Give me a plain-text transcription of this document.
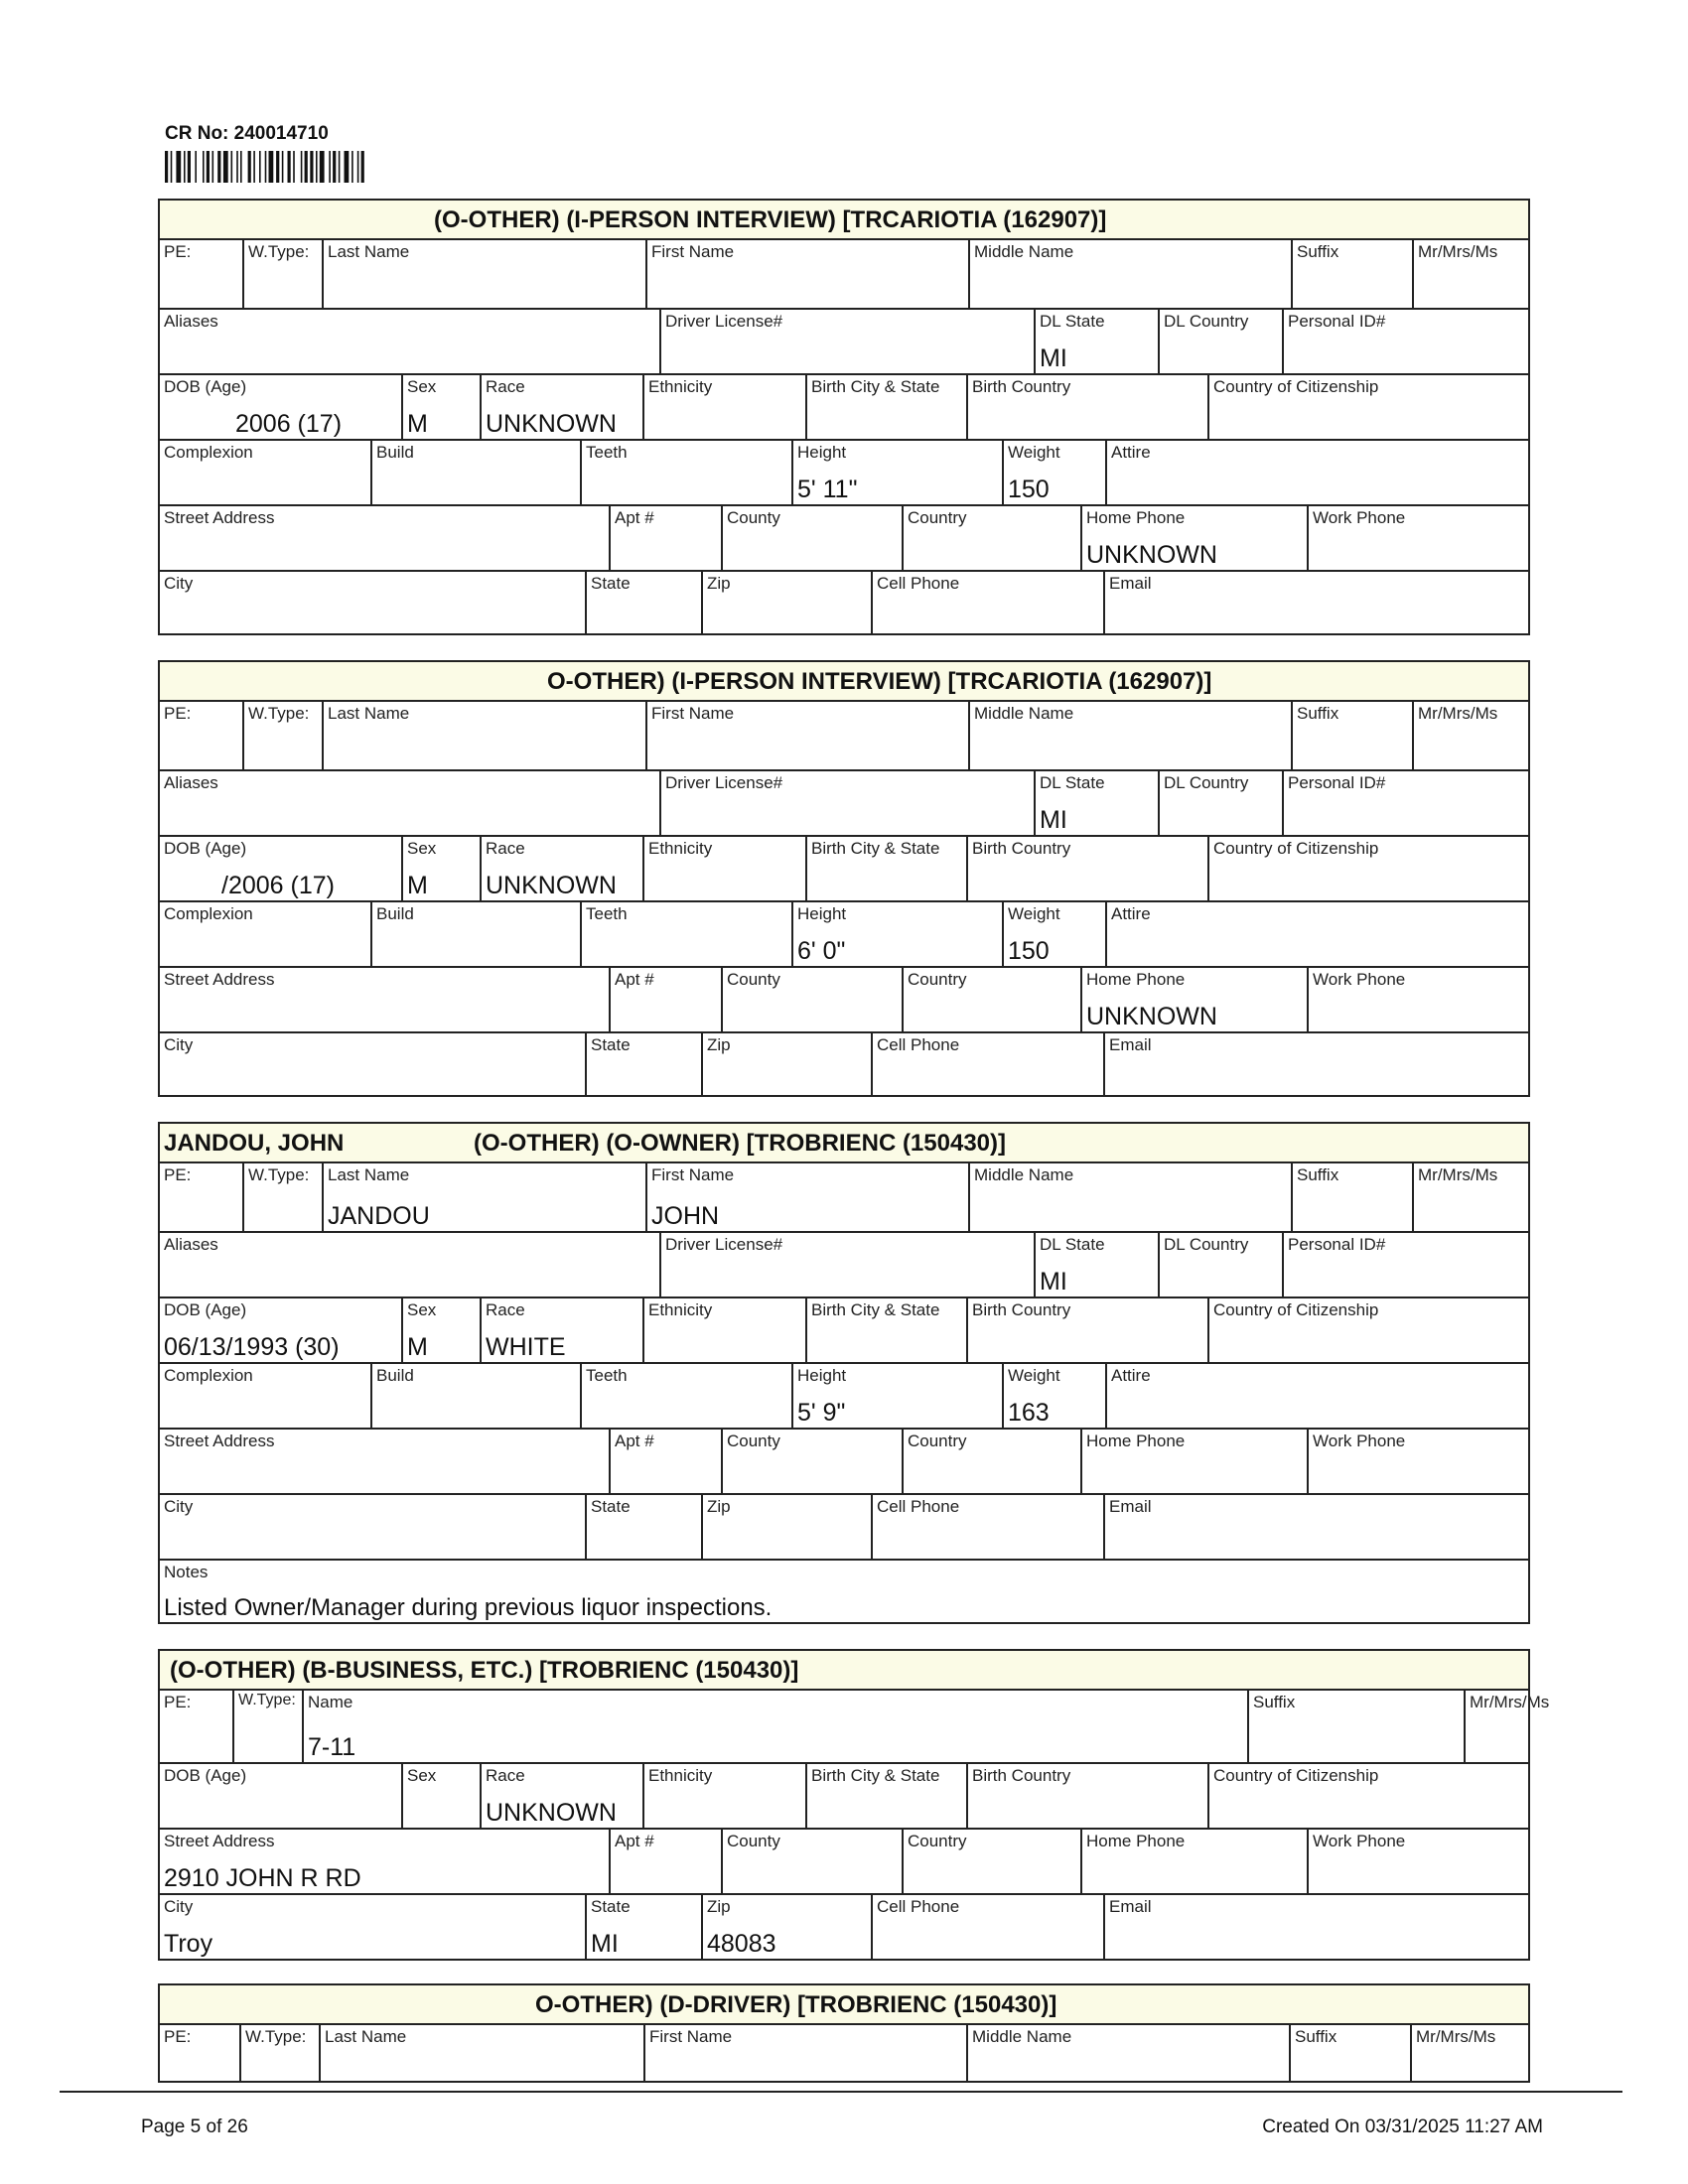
CR No: 240014710
(O-OTHER) (I-PERSON INTERVIEW) [TRCARIOTIA (162907)]
PE:	W.Type: Last Name	First Name	Middle Name	Suffix	Mr/Mrs/Ms
Aliases	Driver License#	DL State
MI
DL Country Personal ID#
DOB (Age)
2006 (17)
Sex
M
Race
UNKNOWN
Ethnicity	Birth City & State Birth Country	Country of Citizenship
Complexion	Build	Teeth	Height
5' 11"
Weight
150
Attire
Street Address	Apt #	County	Country	Home Phone
UNKNOWN
Work Phone
City	State	Zip	Cell Phone	Email
O-OTHER) (I-PERSON INTERVIEW) [TRCARIOTIA (162907)]
PE:	W.Type: Last Name	First Name	Middle Name	Suffix	Mr/Mrs/Ms
Aliases	Driver License#	DL State
MI
DL Country Personal ID#
DOB (Age)
/2006 (17)
Sex
M
Race
UNKNOWN
Ethnicity	Birth City & State Birth Country	Country of Citizenship
Complexion	Build	Teeth	Height
6' 0"
Weight
150
Attire
Street Address	Apt #	County	Country	Home Phone
UNKNOWN
Work Phone
City	State	Zip	Cell Phone	Email
JANDOU, JOHN	(O-OTHER) (O-OWNER) [TROBRIENC (150430)]
PE:	W.Type: Last Name
JANDOU
First Name
JOHN
Middle Name	Suffix	Mr/Mrs/Ms
Aliases	Driver License#	DL State
MI
DL Country Personal ID#
DOB (Age)
06/13/1993 (30)
Sex
M
Race
WHITE
Ethnicity	Birth City & State Birth Country	Country of Citizenship
Complexion	Build	Teeth	Height
5' 9"
Weight
163
Attire
Street Address	Apt #	County	Country	Home Phone	Work Phone
City	State	Zip	Cell Phone	Email
Notes
Listed Owner/Manager during previous liquor inspections.
(O-OTHER) (B-BUSINESS, ETC.) [TROBRIENC (150430)]
PE:	W.Type: Name
7-11
Suffix	Mr/Mrs/Ms
DOB (Age)	Sex	Race
UNKNOWN
Ethnicity	Birth City & State Birth Country	Country of Citizenship
Street Address
2910 JOHN R RD
Apt #	County	Country	Home Phone	Work Phone
City
Troy
State
MI
Zip
48083
Cell Phone	Email
O-OTHER) (D-DRIVER) [TROBRIENC (150430)]
PE:	W.Type: Last Name	First Name	Middle Name	Suffix	Mr/Mrs/Ms
Page 5 of 26	Created On 03/31/2025 11:27 AM
